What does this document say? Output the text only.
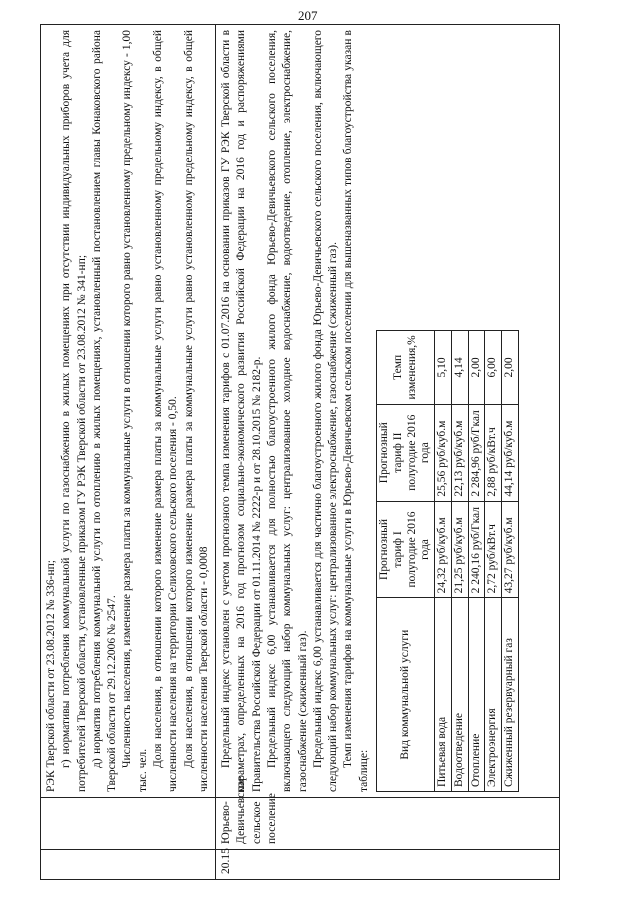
207

РЭК Тверской области от 23.08.2012 № 336-нп; г) нормативы потребления коммунальной услуги по газоснабжению в жилых помещениях при отсутствии индивидуальных приборов учета для потребителей Тверской области, установленные приказом ГУ РЭК Тверской области от 23.08.2012 № 341-нп; д) норматив потребления коммунальной услуги по отоплению в жилых помещениях, установленный постановлением главы Конаковского района Тверской области от 29.12.2006 № 2547. Численность населения, изменение размера платы за коммунальные услуги в отношении которого равно установленному предельному индексу - 1,00 тыс. чел.

Доля населения, в отношении которого изменение размера платы за коммунальные услуги равно установленному предельному индексу, в общей численности населения на территории Селиховского сельского поселения - 0,50. Доля населения, в отношении которого изменение размера платы за коммунальные услуги равно установленному предельному индексу, в общей численности населения Тверской области - 0,0008

20.15	Юрьево-Девичьевское сельское поселение	

Предельный индекс установлен с учетом прогнозного темпа изменения тарифов с 01.07.2016 на основании приказов ГУ РЭК Тверской области в параметрах, определенных на 2016 год прогнозом социально-экономического развития Российской Федерации на 2016 год и распоряжениями Правительства Российской Федерации от 01.11.2014 № 2222-р и от 28.10.2015 № 2182-р. Предельный индекс 6,00 устанавливается для полностью благоустроенного жилого фонда Юрьево-Девичьевского сельского поселения, включающего следующий набор коммунальных услуг: централизованное холодное водоснабжение, водоотведение, отопление, электроснабжение, газоснабжение (сжиженный газ). Предельный индекс 6,00 устанавливается для частично благоустроенного жилого фонда Юрьево-Девичьевского сельского поселения, включающего следующий набор коммунальных услуг: централизованное электроснабжение, газоснабжение (сжиженный газ). Темп изменения тарифов на коммунальные услуги в Юрьево-Девичьевском сельском поселении для вышеназванных типов благоустройства указан в таблице:

Вид коммунальной услуги	Прогнозный тариф I полугодие 2016 года	Прогнозный тариф II полугодие 2016 года	Темп изменения,%
Питьевая вода	24,32 руб/куб.м	25,56 руб/куб.м	5,10
Водоотведение	21,25 руб/куб.м	22,13 руб/куб.м	4,14
Отопление	2 240,16 руб/Гкал	2 284,96 руб/Гкал	2,00
Электроэнергия	2,72 руб/кВт.ч	2,88 руб/кВт.ч	6,00
Сжиженный резервуарный газ	43,27 руб/куб.м	44,14 руб/куб.м	2,00
